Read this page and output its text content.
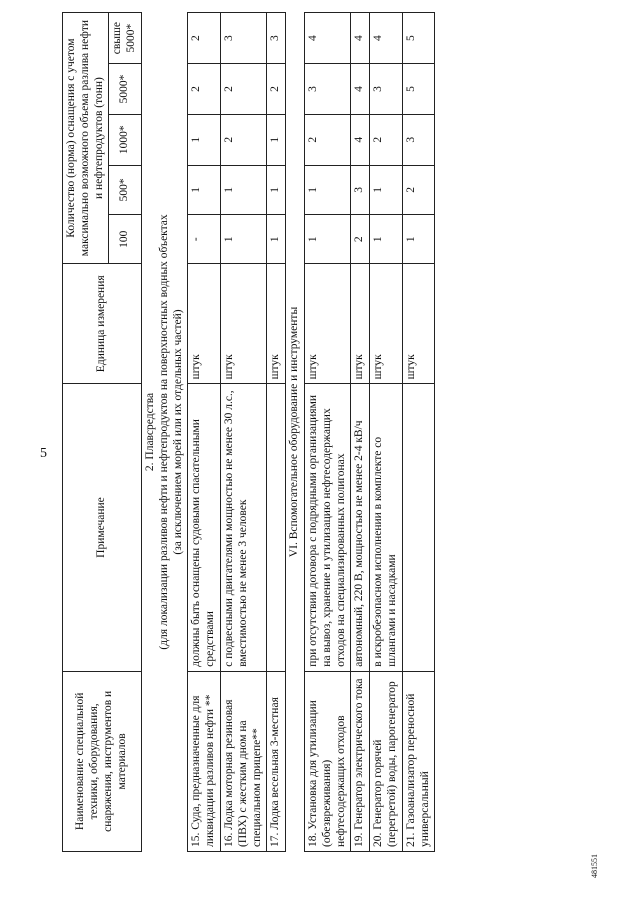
5
481551
Наименование специальной техники, оборудования, снаряжения, инструментов и материалов	Примечание	Единица измерения	Количество (норма) оснащения с учетом максимально возможного объема разлива нефти и нефтепродуктов (тонн)				
			100	500*	1000*	5000*	свыше 5000*

2. Плавсредства (для локализации разливов нефти и нефтепродуктов на поверхностных водных объектах (за исключением морей или их отдельных частей)							

15. Суда, предназначенные для ликвидации разливов нефти **	должны быть оснащены судовыми спасательными средствами	штук	-	1	1	2	2
16. Лодка моторная резиновая (ПВХ) с жестким дном на специальном прицепе**	с подвесными двигателями мощностью не менее 30 л.с., вместимостью не менее 3 человек	штук	1	1	2	2	3
17. Лодка весельная 3-местная		штук	1	1	1	2	3

VI. Вспомогательное оборудование и инструменты							

18. Установка для утилизации (обезвреживания) нефтесодержащих отходов	при отсутствии договора с подрядными организациями на вывоз, хранение и утилизацию нефтесодержащих отходов на специализированных полигонах	штук	1	1	2	3	4
19. Генератор электрического тока	автономный, 220 В, мощностью не менее 2-4 кВ/ч	штук	2	3	4	4	4
20. Генератор горячей (перегретой) воды, парогенератор	в искробезопасном исполнении в комплекте со шлангами и насадками	штук	1	1	2	3	4
21. Газоанализатор переносной универсальный		штук	1	2	3	5	5
